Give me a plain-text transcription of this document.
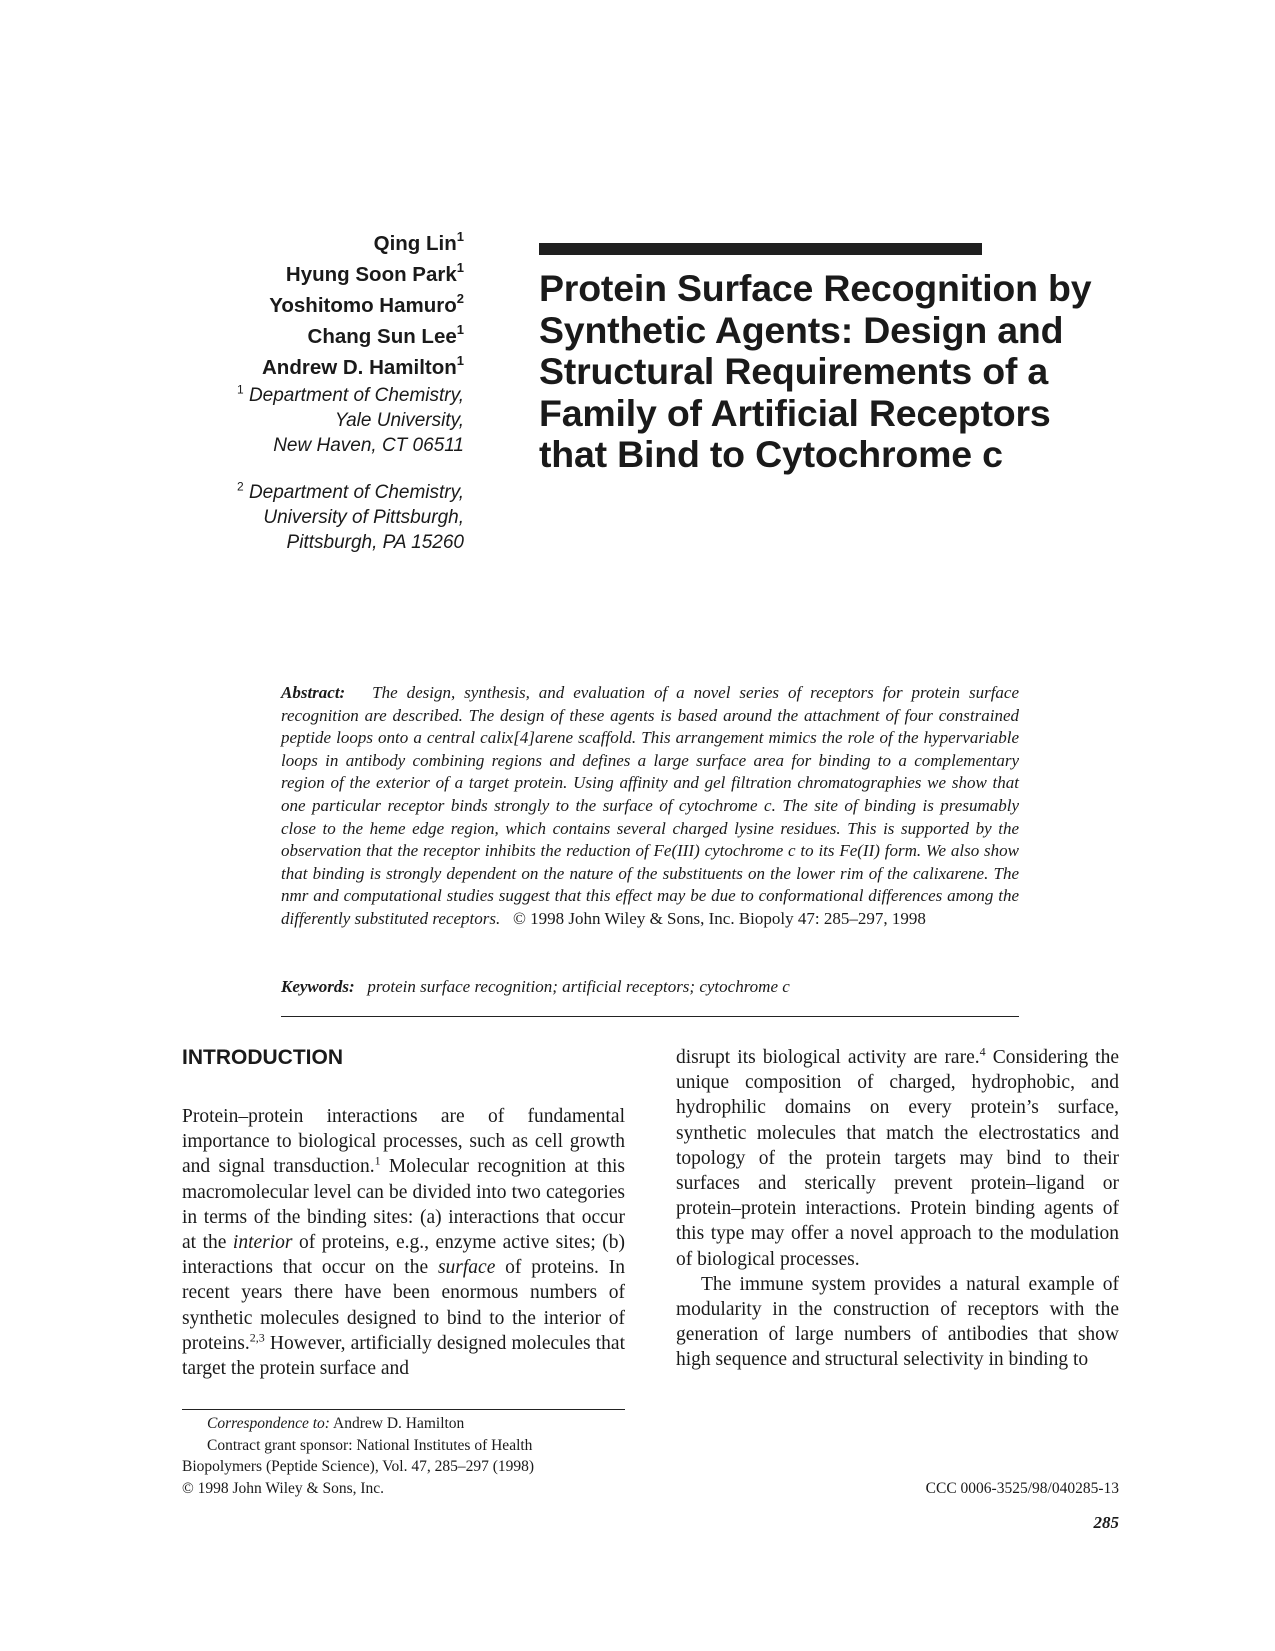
Qing Lin$^1$
Hyung Soon Park$^1$
Yoshitomo Hamuro$^2$
Chang Sun Lee$^1$
Andrew D. Hamilton$^1$
$^1$ Department of Chemistry,
Yale University,
New Haven, CT 06511
$^2$ Department of Chemistry,
University of Pittsburgh,
Pittsburgh, PA 15260
Protein Surface Recognition by Synthetic Agents: Design and Structural Requirements of a Family of Artificial Receptors that Bind to Cytochrome c

Abstract: The design, synthesis, and evaluation of a novel series of receptors for protein surface recognition are described. The design of these agents is based around the attachment of four constrained peptide loops onto a central calix[4]arene scaffold. This arrangement mimics the role of the hypervariable loops in antibody combining regions and defines a large surface area for binding to a complementary region of the exterior of a target protein. Using affinity and gel filtration chromatographies we show that one particular receptor binds strongly to the surface of cytochrome c. The site of binding is presumably close to the heme edge region, which contains several charged lysine residues. This is supported by the observation that the receptor inhibits the reduction of Fe(III) cytochrome c to its Fe(II) form. We also show that binding is strongly dependent on the nature of the substituents on the lower rim of the calixarene. The nmr and computational studies suggest that this effect may be due to conformational differences among the differently substituted receptors. © 1998 John Wiley & Sons, Inc. Biopoly 47: 285–297, 1998

Keywords: protein surface recognition; artificial receptors; cytochrome c

INTRODUCTION

Protein–protein interactions are of fundamental importance to biological processes, such as cell growth and signal transduction.$^1$ Molecular recognition at this macromolecular level can be divided into two categories in terms of the binding sites: (a) interactions that occur at the interior of proteins, e.g., enzyme active sites; (b) interactions that occur on the surface of proteins. In recent years there have been enormous numbers of synthetic molecules designed to bind to the interior of proteins.$^{2,3}$ However, artificially designed molecules that target the protein surface and

disrupt its biological activity are rare.$^4$ Considering the unique composition of charged, hydrophobic, and hydrophilic domains on every protein’s surface, synthetic molecules that match the electrostatics and topology of the protein targets may bind to their surfaces and sterically prevent protein–ligand or protein–protein interactions. Protein binding agents of this type may offer a novel approach to the modulation of biological processes.

The immune system provides a natural example of modularity in the construction of receptors with the generation of large numbers of antibodies that show high sequence and structural selectivity in binding to

Correspondence to: Andrew D. Hamilton

Contract grant sponsor: National Institutes of Health

Biopolymers (Peptide Science), Vol. 47, 285–297 (1998)

© 1998 John Wiley & Sons, Inc.	CCC 0006-3525/98/040285-13
285
